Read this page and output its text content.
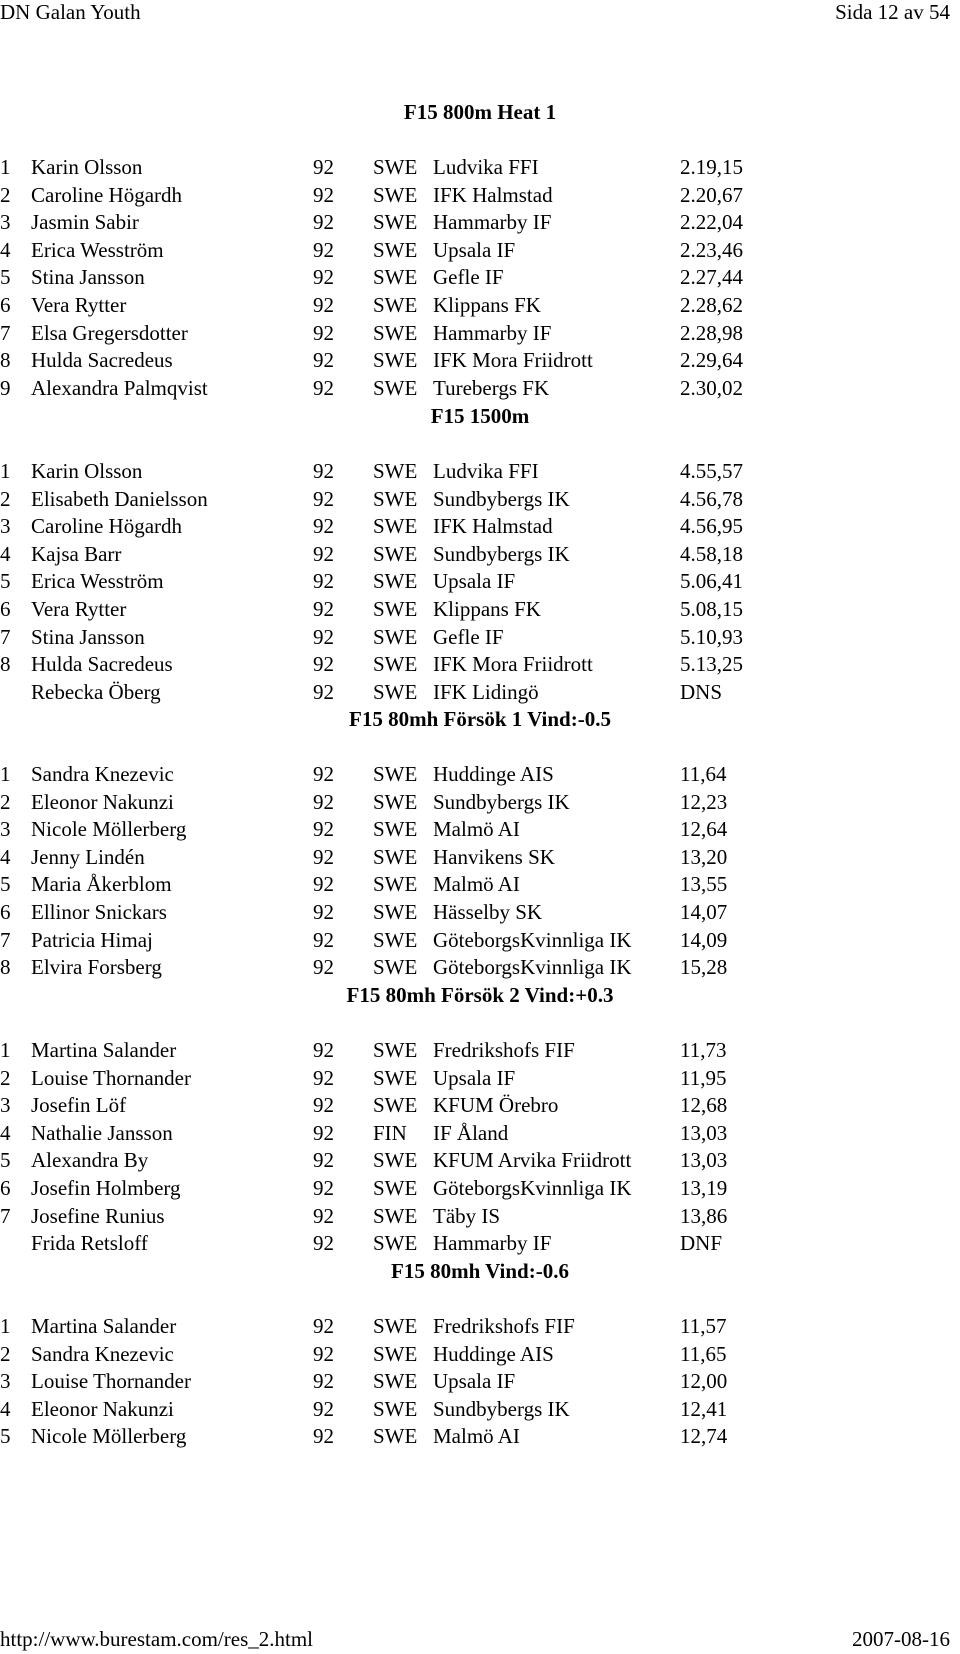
DN Galan Youth	Sida 12 av 54
F15 800m Heat 1
1 Karin Olsson	92 SWE Ludvika FFI	2.19,15
2 Caroline Högardh	92 SWE IFK Halmstad	2.20,67
3 Jasmin Sabir	92 SWE Hammarby IF	2.22,04
4 Erica Wesström	92 SWE Upsala IF	2.23,46
5 Stina Jansson	92 SWE Gefle IF	2.27,44
6 Vera Rytter	92 SWE Klippans FK	2.28,62
7 Elsa Gregersdotter	92 SWE Hammarby IF	2.28,98
8 Hulda Sacredeus	92 SWE IFK Mora Friidrott	2.29,64
9 Alexandra Palmqvist	92 SWE Turebergs FK	2.30,02
F15 1500m
1 Karin Olsson	92 SWE Ludvika FFI	4.55,57
2 Elisabeth Danielsson	92 SWE Sundbybergs IK	4.56,78
3 Caroline Högardh	92 SWE IFK Halmstad	4.56,95
4 Kajsa Barr	92 SWE Sundbybergs IK	4.58,18
5 Erica Wesström	92 SWE Upsala IF	5.06,41
6 Vera Rytter	92 SWE Klippans FK	5.08,15
7 Stina Jansson	92 SWE Gefle IF	5.10,93
8 Hulda Sacredeus	92 SWE IFK Mora Friidrott	5.13,25
Rebecka Öberg	92 SWE IFK Lidingö	DNS
F15 80mh Försök 1 Vind:-0.5
1 Sandra Knezevic	92 SWE Huddinge AIS	11,64
2 Eleonor Nakunzi	92 SWE Sundbybergs IK	12,23
3 Nicole Möllerberg	92 SWE Malmö AI	12,64
4 Jenny Lindén	92 SWE Hanvikens SK	13,20
5 Maria Åkerblom	92 SWE Malmö AI	13,55
6 Ellinor Snickars	92 SWE Hässelby SK	14,07
7 Patricia Himaj	92 SWE GöteborgsKvinnliga IK 14,09
8 Elvira Forsberg	92 SWE GöteborgsKvinnliga IK 15,28
F15 80mh Försök 2 Vind:+0.3
1 Martina Salander	92 SWE Fredrikshofs FIF	11,73
2 Louise Thornander	92 SWE Upsala IF	11,95
3 Josefin Löf	92 SWE KFUM Örebro	12,68
4 Nathalie Jansson	92 FIN IF Åland	13,03
5 Alexandra By	92 SWE KFUM Arvika Friidrott 13,03
6 Josefin Holmberg	92 SWE GöteborgsKvinnliga IK 13,19
7 Josefine Runius	92 SWE Täby IS	13,86
Frida Retsloff	92 SWE Hammarby IF	DNF
F15 80mh Vind:-0.6
1 Martina Salander	92 SWE Fredrikshofs FIF	11,57
2 Sandra Knezevic	92 SWE Huddinge AIS	11,65
3 Louise Thornander	92 SWE Upsala IF	12,00
4 Eleonor Nakunzi	92 SWE Sundbybergs IK	12,41
5 Nicole Möllerberg	92 SWE Malmö AI	12,74
http://www.burestam.com/res_2.html	2007-08-16
